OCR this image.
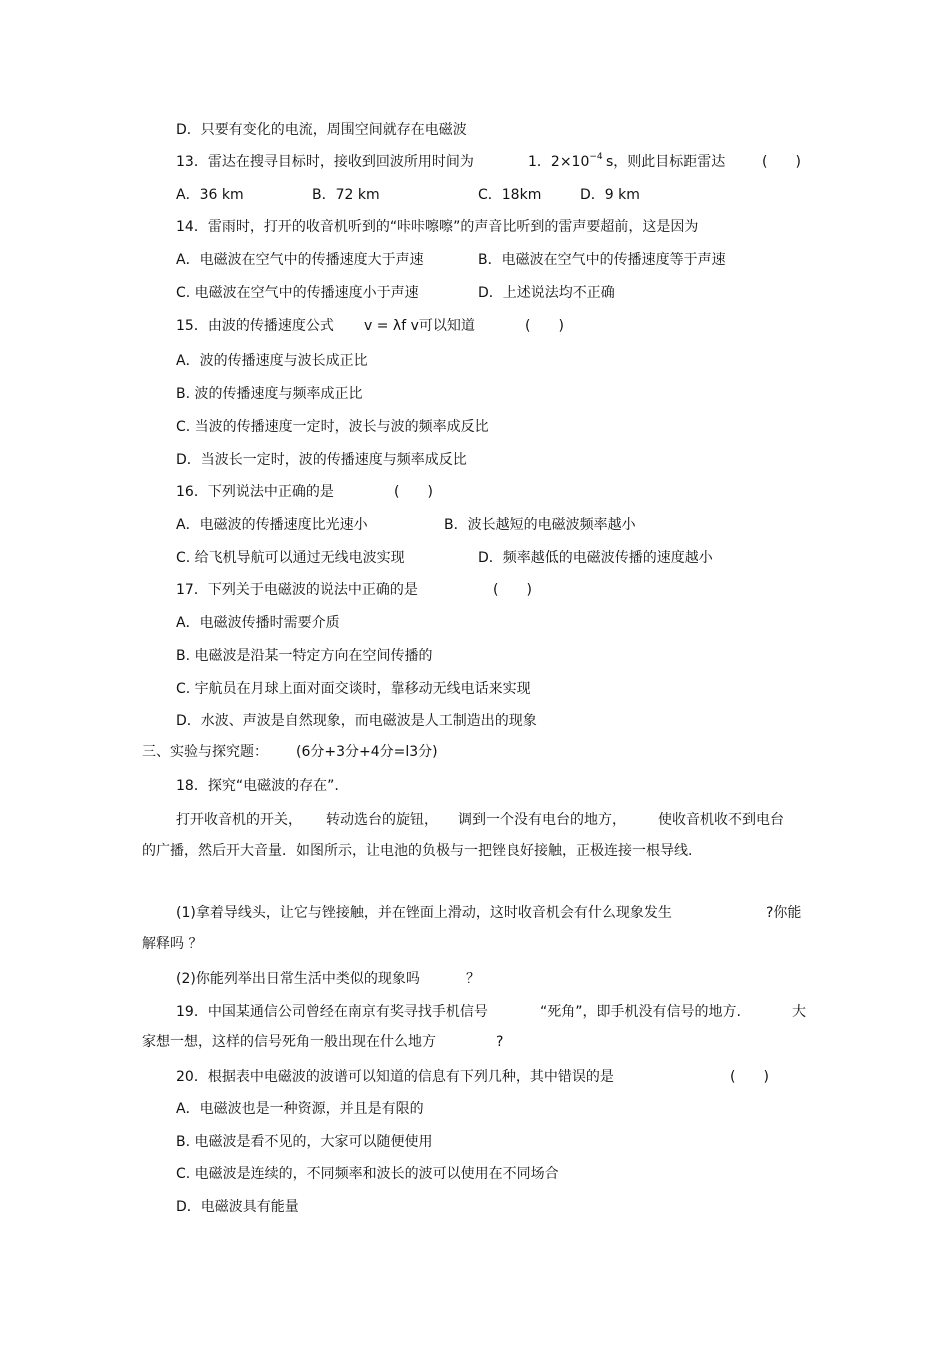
D．只要有变化的电流，周围空间就存在电磁波
13．雷达在搜寻目标时，接收到回波所用时间为	1．$2\times 10^{-4}$ s，则此目标距雷达	(　　)
A．36 km	B．72 km	C．18km	D．9 km
14．雷雨时，打开的收音机听到的“咔咔嚓嚓”的声音比听到的雷声要超前，这是因为
A．电磁波在空气中的传播速度大于声速	B．电磁波在空气中的传播速度等于声速
C. 电磁波在空气中的传播速度小于声速	D．上述说法均不正确
15．由波的传播速度公式 v = λf v可以知道	(　　)
A．波的传播速度与波长成正比
B. 波的传播速度与频率成正比
C. 当波的传播速度一定时，波长与波的频率成反比
D．当波长一定时，波的传播速度与频率成反比
16．下列说法中正确的是	(　　)
A．电磁波的传播速度比光速小	B．波长越短的电磁波频率越小
C. 给飞机导航可以通过无线电波实现	D．频率越低的电磁波传播的速度越小
17．下列关于电磁波的说法中正确的是	(　　)
A．电磁波传播时需要介质
B. 电磁波是沿某一特定方向在空间传播的
C. 宇航员在月球上面对面交谈时，靠移动无线电话来实现
D．水波、声波是自然现象，而电磁波是人工制造出的现象
三、实验与探究题： (6分+3分+4分=l3分)
18．探究“电磁波的存在”.
打开收音机的开关， 转动选台的旋钮， 调到一个没有电台的地方， 使收音机收不到电台
的广播，然后开大音量．如图所示，让电池的负极与一把锉良好接触，正极连接一根导线.
(1)拿着导线头，让它与锉接触，并在锉面上滑动，这时收音机会有什么现象发生	?你能
解释吗 ？
(2)你能列举出日常生活中类似的现象吗	？
19．中国某通信公司曾经在南京有奖寻找手机信号	“死角”，即手机没有信号的地方.	大
家想一想，这样的信号死角一般出现在什么地方	?
20．根据表中电磁波的波谱可以知道的信息有下列几种，其中错误的是	(　　)
A．电磁波也是一种资源，并且是有限的
B. 电磁波是看不见的，大家可以随便使用
C. 电磁波是连续的，不同频率和波长的波可以使用在不同场合
D．电磁波具有能量
